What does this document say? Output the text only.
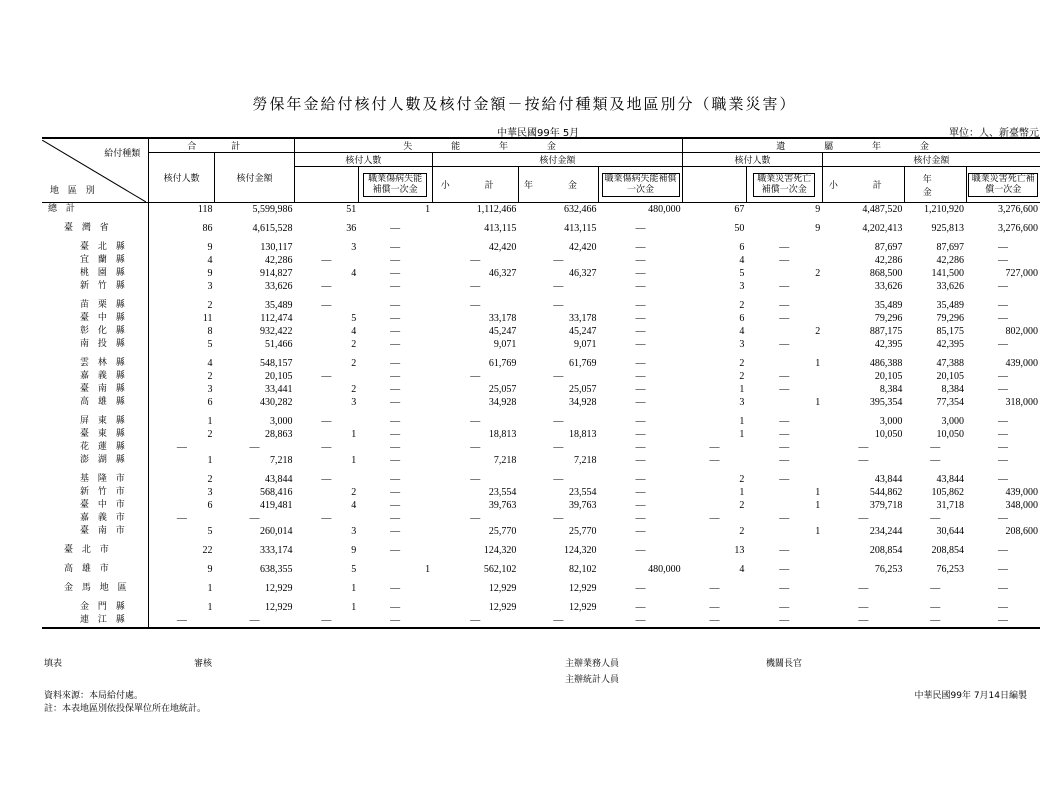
勞保年金給付核付人數及核付金額－按給付種類及地區別分（職業災害）
中華民國99年 5月	單位：人、新臺幣元
給付種類
地 區 別	合 計		失 能 年 金					遺 屬 年 金				
	核付人數	核付金額	核付人數		核付金額			核付人數		核付金額		
				職業傷病失能補償一次金	小 計	年 金	職業傷病失能補償一次金		職業災害死亡補償一次金	小 計	年 金	職業災害死亡補償一次金
總 計	118	5,599,986	51	1	1,112,466	632,466	480,000	67	9	4,487,520	1,210,920	3,276,600

臺 灣 省	86	4,615,528	36	—	413,115	413,115	—	50	9	4,202,413	925,813	3,276,600

臺 北 縣	9	130,117	3	—	42,420	42,420	—	6	—	87,697	87,697	—
宜 蘭 縣	4	42,286	—	—	—	—	—	4	—	42,286	42,286	—
桃 園 縣	9	914,827	4	—	46,327	46,327	—	5	2	868,500	141,500	727,000
新 竹 縣	3	33,626	—	—	—	—	—	3	—	33,626	33,626	—

苗 栗 縣	2	35,489	—	—	—	—	—	2	—	35,489	35,489	—
臺 中 縣	11	112,474	5	—	33,178	33,178	—	6	—	79,296	79,296	—
彰 化 縣	8	932,422	4	—	45,247	45,247	—	4	2	887,175	85,175	802,000
南 投 縣	5	51,466	2	—	9,071	9,071	—	3	—	42,395	42,395	—

雲 林 縣	4	548,157	2	—	61,769	61,769	—	2	1	486,388	47,388	439,000
嘉 義 縣	2	20,105	—	—	—	—	—	2	—	20,105	20,105	—
臺 南 縣	3	33,441	2	—	25,057	25,057	—	1	—	8,384	8,384	—
高 雄 縣	6	430,282	3	—	34,928	34,928	—	3	1	395,354	77,354	318,000

屏 東 縣	1	3,000	—	—	—	—	—	1	—	3,000	3,000	—
臺 東 縣	2	28,863	1	—	18,813	18,813	—	1	—	10,050	10,050	—
花 蓮 縣	—	—	—	—	—	—	—	—	—	—	—	—
澎 湖 縣	1	7,218	1	—	7,218	7,218	—	—	—	—	—	—

基 隆 市	2	43,844	—	—	—	—	—	2	—	43,844	43,844	—
新 竹 市	3	568,416	2	—	23,554	23,554	—	1	1	544,862	105,862	439,000
臺 中 市	6	419,481	4	—	39,763	39,763	—	2	1	379,718	31,718	348,000
嘉 義 市	—	—	—	—	—	—	—	—	—	—	—	—
臺 南 市	5	260,014	3	—	25,770	25,770	—	2	1	234,244	30,644	208,600

臺 北 市	22	333,174	9	—	124,320	124,320	—	13	—	208,854	208,854	—

高 雄 市	9	638,355	5	1	562,102	82,102	480,000	4	—	76,253	76,253	—

金 馬 地 區	1	12,929	1	—	12,929	12,929	—	—	—	—	—	—

金 門 縣	1	12,929	1	—	12,929	12,929	—	—	—	—	—	—
連 江 縣	—	—	—	—	—	—	—	—	—	—	—	—
填表	審核	主辦業務人員
主辦統計人員
機關長官
資料來源：本局給付處。
註：本表地區別依投保單位所在地統計。
中華民國99年 7月14日編製
